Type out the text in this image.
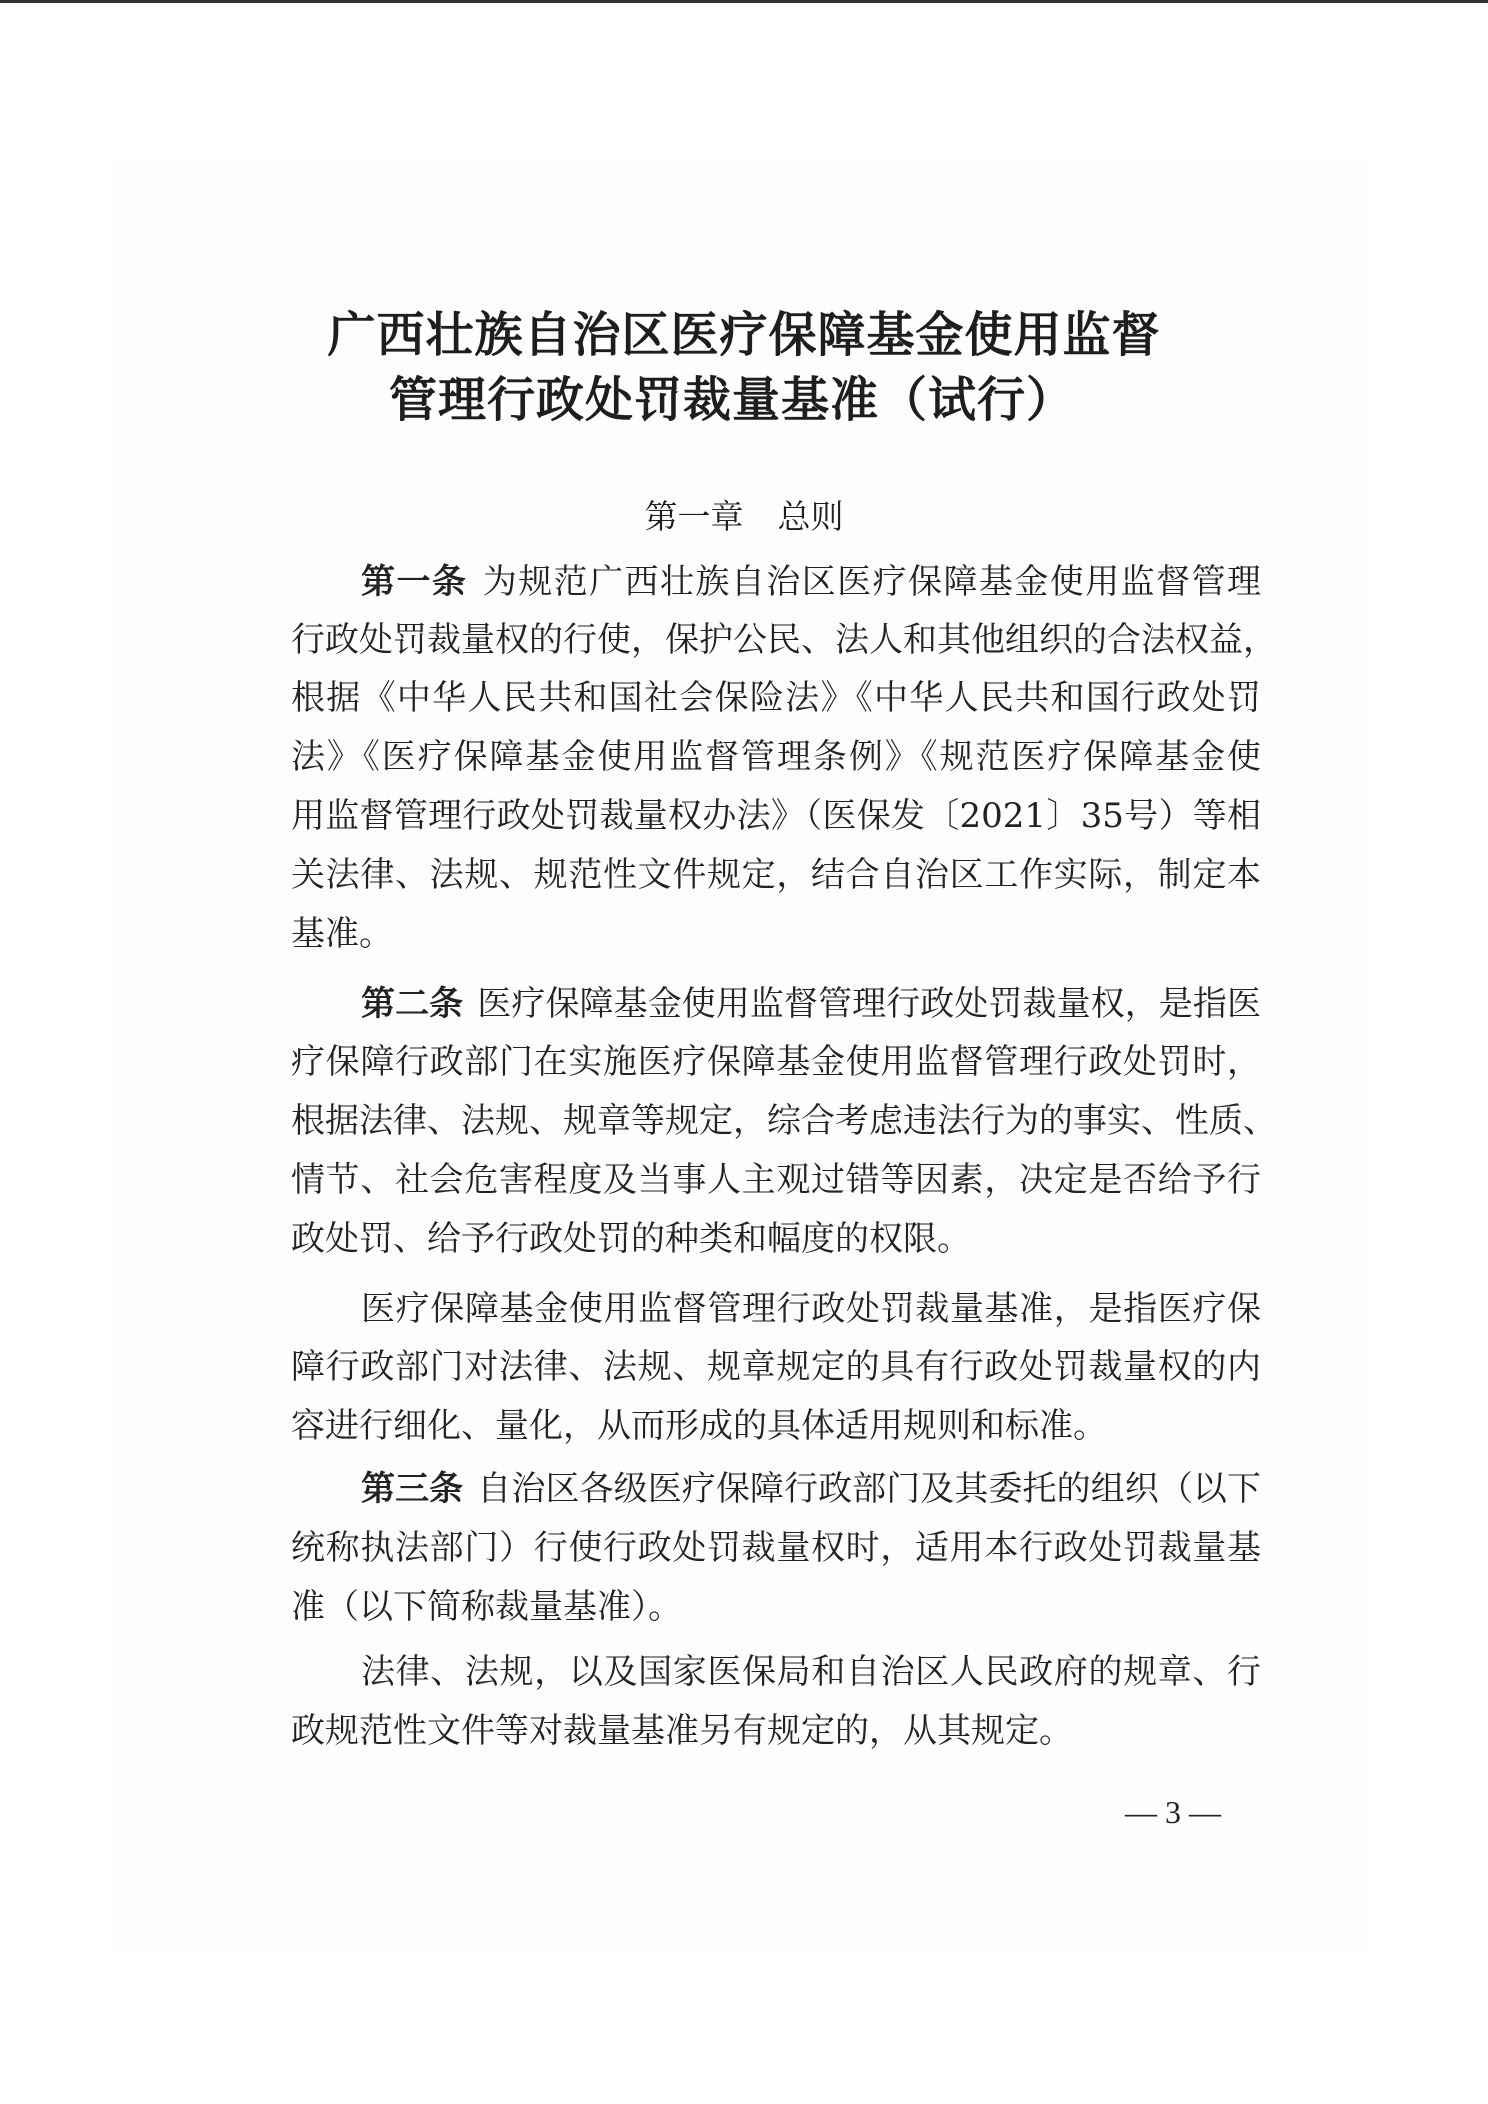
广西壮族自治区医疗保障基金使用监督
管理行政处罚裁量基准（试行）
第一章 总则
第一条 为规范广西壮族自治区医疗保障基金使用监督管理
行政处罚裁量权的行使，保护公民、法人和其他组织的合法权益，
根据《中华人民共和国社会保险法》《中华人民共和国行政处罚
法》《医疗保障基金使用监督管理条例》《规范医疗保障基金使
用监督管理行政处罚裁量权办法》（医保发〔2021〕35号）等相
关法律、法规、规范性文件规定，结合自治区工作实际，制定本
基准。
第二条 医疗保障基金使用监督管理行政处罚裁量权，是指医
疗保障行政部门在实施医疗保障基金使用监督管理行政处罚时，
根据法律、法规、规章等规定，综合考虑违法行为的事实、性质、
情节、社会危害程度及当事人主观过错等因素，决定是否给予行
政处罚、给予行政处罚的种类和幅度的权限。
医疗保障基金使用监督管理行政处罚裁量基准，是指医疗保
障行政部门对法律、法规、规章规定的具有行政处罚裁量权的内
容进行细化、量化，从而形成的具体适用规则和标准。
第三条 自治区各级医疗保障行政部门及其委托的组织（以下
统称执法部门）行使行政处罚裁量权时，适用本行政处罚裁量基
准（以下简称裁量基准）。
法律、法规，以及国家医保局和自治区人民政府的规章、行
政规范性文件等对裁量基准另有规定的，从其规定。
— 3 —
